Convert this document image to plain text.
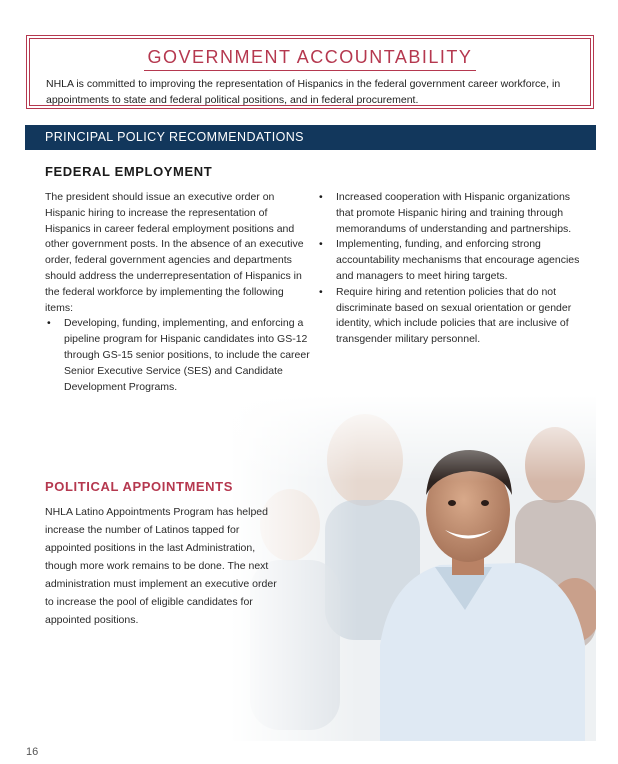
GOVERNMENT ACCOUNTABILITY
NHLA is committed to improving the representation of Hispanics in the federal government career workforce, in appointments to state and federal political positions, and in federal procurement.
PRINCIPAL POLICY RECOMMENDATIONS
FEDERAL EMPLOYMENT

The president should issue an executive order on Hispanic hiring to increase the representation of Hispanics in career federal employment positions and other government posts. In the absence of an executive order, federal government agencies and departments should address the underrepresentation of Hispanics in the federal workforce by implementing the following items:

• Developing, funding, implementing, and enforcing a pipeline program for Hispanic candidates into GS-12 through GS-15 senior positions, to include the career Senior Executive Service (SES) and Candidate Development Programs.
• Increased cooperation with Hispanic organizations that promote Hispanic hiring and training through memorandums of understanding and partnerships.
• Implementing, funding, and enforcing strong accountability mechanisms that encourage agencies and managers to meet hiring targets.
• Require hiring and retention policies that do not discriminate based on sexual orientation or gender identity, which include policies that are inclusive of transgender military personnel.
POLITICAL APPOINTMENTS

NHLA Latino Appointments Program has helped increase the number of Latinos tapped for appointed positions in the last Administration, though more work remains to be done. The next administration must implement an executive order to increase the pool of eligible candidates for appointed positions.

16
